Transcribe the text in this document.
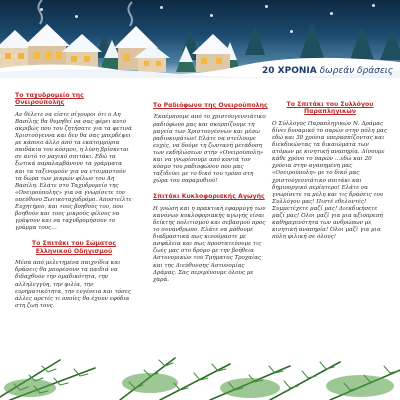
20 ΧΡΟΝΙΑ δωρεάν δράσεις
Το ταχυδρομείο της Ονειρούπολης

Αν θέλετε να είστε σίγουροι ότι ο Αη Βασίλης θα θυμηθεί να σας φέρει αυτό ακριβώς που του ζητήσατε για τα φετινά Χριστούγεννα και δεν θα σας μπερδέψει με κάποιο άλλο από τα εκατομμύρια παιδάκια του κόσμου, η λύση βρίσκεται σε αυτό το μαγικό σπιτάκι. Εδώ τα ξωτικά παραλαμβάνουν τα γράμματα και τα ταξινομούν για να ετοιμαστούν τα δώρα των μικρών φίλων του Αη Βασίλη. Ελάτε στο Ταχυδρομείο της «Ονειρούπολης» για να γνωρίσετε τον υπεύθυνο Ξωτικοταχυδρόμο. Αποστείλτε Ευχητήριο, και τους βοηθούς του, που βοηθούν και τους μικρούς φίλους να γράψουν και να ταχυδρομήσουν το γράμμα τους…

Το Σπιτάκι του Σώματος Ελληνικού Οδηγισμού

Μέσα από μελετημένα παιχνίδια και δράσεις θα μπορέσουν τα παιδιά να διδαχθούν την ομαδικότητα, την αλληλεγγύη, την φιλία, την ευρηματικότητα, την ευγένεια και τόσες άλλες αρετές τι οποίες θα έχουν εφόδια στη ζωή τους.

Το Ραδιόφωνο της Ονειρούπολης

Έκπέμπουμε από το χριστουγεννιάτικο ραδιόφωνο μας και σκορπίζουμε τη μαγεία των Χριστουγέννων και μέσω ραδιοκυμάτων! Ελάτε να στείλουμε ευχές, να δούμε τη ζωντανή μετάδοση των εκδηλώσεων στην «Ονειρούπολη» και να γνωρίσουμε από κοντά τον κόσμο του ραδιοφώνου που μας ταξιδεύει με το δικό του τρόπο στη χώρα του παραμυθιού!

Σπιτάκι Κυκλοφοριακής Αγωγής

Η γνώση και η πρακτική εφαρμογή των κανόνων κυκλοφοριακής αγωγής είναι δείκτης πολιτισμού και σεβασμού προς το συνάνθρωπο. Ελάτε να μάθουμε διαδραστικά πως κινούμαστε με ασφάλεια και πως προστατεύουμε τις ζωές μας στο δρόμο με την βοήθεια Αστυνομικών του Τμήματος Τροχαίας και της Διεύθυνσης Αστυνομίας Δράμας. Σας περιμένουμε όλους με χαρά.

Το Σπιτάκι του Συλλόγου Παραπληγικών

Ο Σύλλογος Παραπληγικών Ν. Δράμας δίνει δυναμικό το παρών στην πόλη μας εδώ και 30 χρόνια υπερασπίζοντας και διεκδικώντας τα δικαιώματα των ατόμων με κινητική αναπηρία. Δίνουμε κάθε χρόνο το παρών …εδώ και 20 χρόνια στην αγαπημένη μας «Ονειρούπολη» με το δικό μας χριστούγεννιάτικο σπιτάκι και δημιουργικό περίπτερο! Ελάτε να γνωρίσετε τα μέλη και τις δράσεις του Συλλόγου μας! Πιστέ εθελοντές! Συμμετέχετε μαζί μας! Διεκδικήσετε μαζί μας! Όλοι μαζί για μια αξιοπρεπή καθημερινότητα των ανθρώπων με κινητική αναπηρία! Όλοι μαζί για μια πόλη φιλική σε όλους!
